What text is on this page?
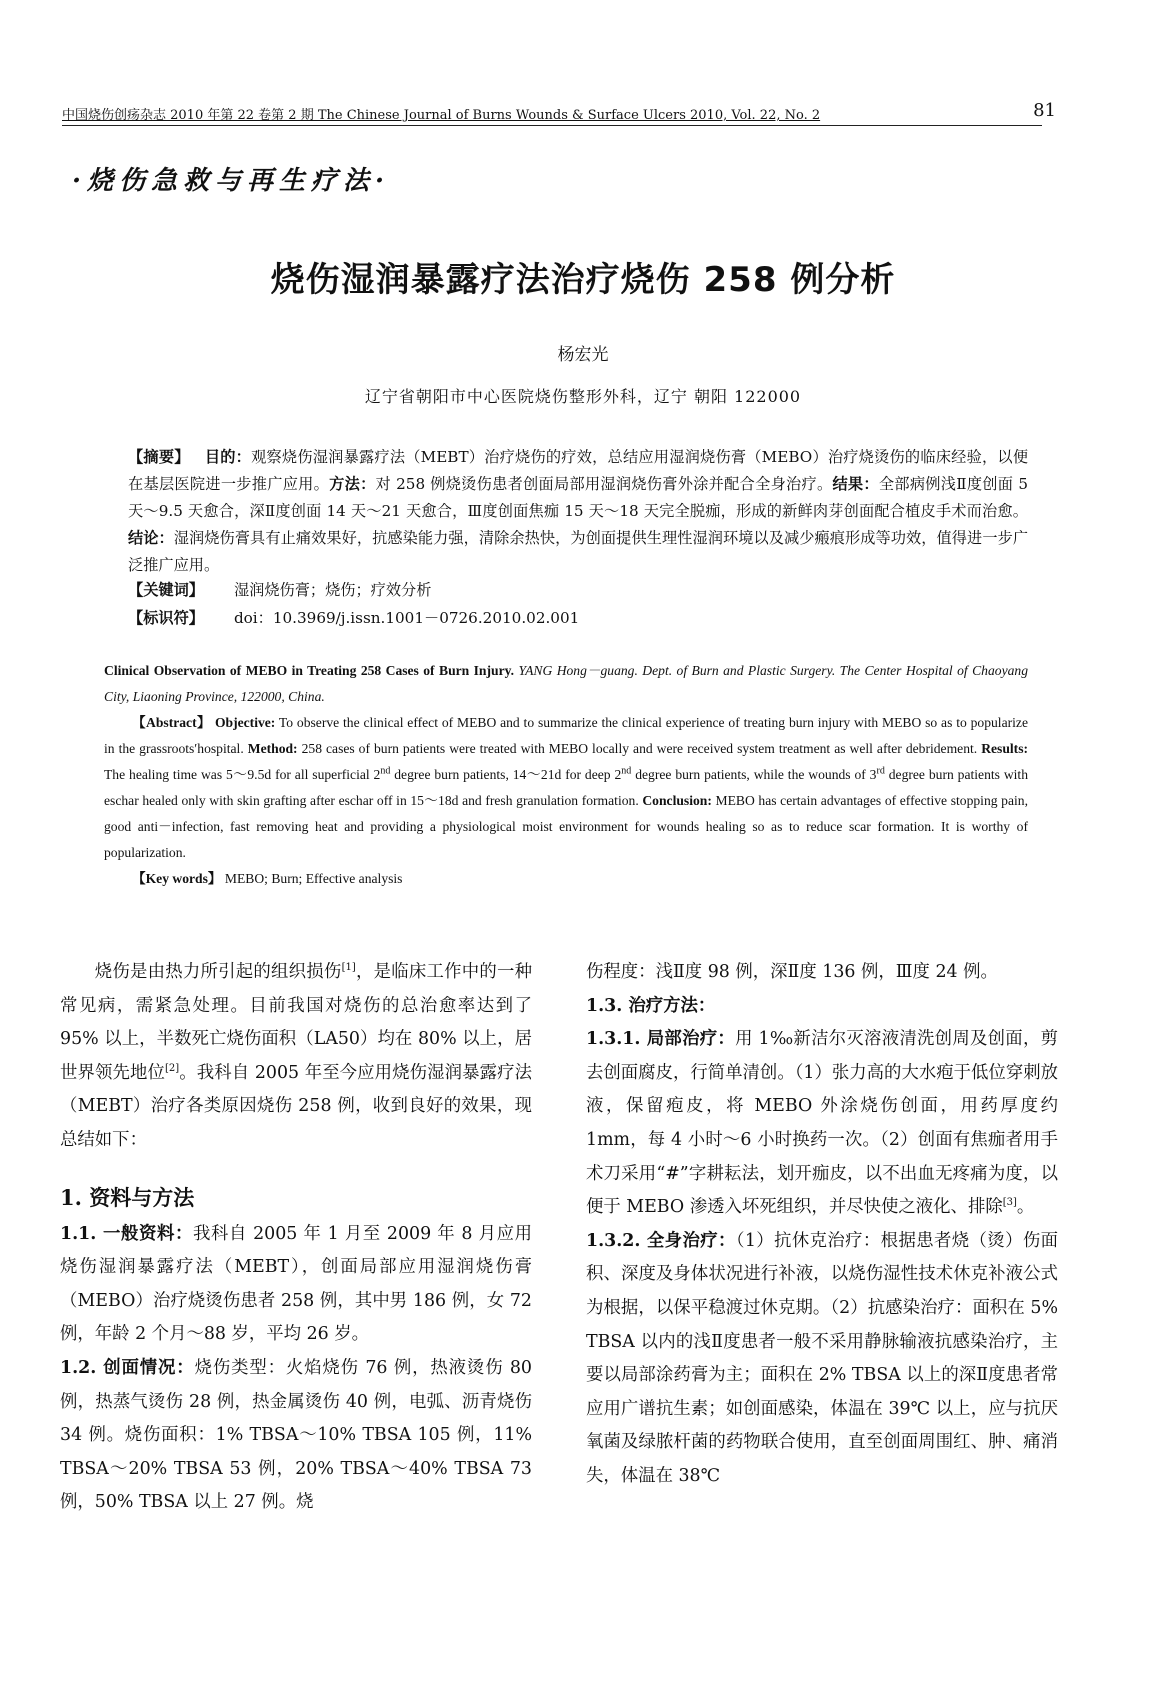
中国烧伤创疡杂志 2010 年第 22 卷第 2 期 The Chinese Journal of Burns Wounds & Surface Ulcers 2010, Vol. 22, No. 2	81
·烧伤急救与再生疗法·
烧伤湿润暴露疗法治疗烧伤 258 例分析
杨宏光
辽宁省朝阳市中心医院烧伤整形外科，辽宁 朝阳 122000
【摘要】 目的：观察烧伤湿润暴露疗法（MEBT）治疗烧伤的疗效，总结应用湿润烧伤膏（MEBO）治疗烧烫伤的临床经验，以便在基层医院进一步推广应用。方法：对 258 例烧烫伤患者创面局部用湿润烧伤膏外涂并配合全身治疗。结果：全部病例浅Ⅱ度创面 5 天～9.5 天愈合，深Ⅱ度创面 14 天～21 天愈合，Ⅲ度创面焦痂 15 天～18 天完全脱痂，形成的新鲜肉芽创面配合植皮手术而治愈。结论：湿润烧伤膏具有止痛效果好，抗感染能力强，清除余热快，为创面提供生理性湿润环境以及减少瘢痕形成等功效，值得进一步广泛推广应用。
【关键词】 湿润烧伤膏；烧伤；疗效分析
【标识符】 doi：10.3969/j.issn.1001－0726.2010.02.001

Clinical Observation of MEBO in Treating 258 Cases of Burn Injury. YANG Hong－guang. Dept. of Burn and Plastic Surgery. The Center Hospital of Chaoyang City, Liaoning Province, 122000, China.

【Abstract】 Objective: To observe the clinical effect of MEBO and to summarize the clinical experience of treating burn injury with MEBO so as to popularize in the grassroots′hospital. Method: 258 cases of burn patients were treated with MEBO locally and were received system treatment as well after debridement. Results: The healing time was 5～9.5d for all superficial 2nd degree burn patients, 14～21d for deep 2nd degree burn patients, while the wounds of 3rd degree burn patients with eschar healed only with skin grafting after eschar off in 15～18d and fresh granulation formation. Conclusion: MEBO has certain advantages of effective stopping pain, good anti－infection, fast removing heat and providing a physiological moist environment for wounds healing so as to reduce scar formation. It is worthy of popularization.

【Key words】 MEBO; Burn; Effective analysis

烧伤是由热力所引起的组织损伤[1]，是临床工作中的一种常见病，需紧急处理。目前我国对烧伤的总治愈率达到了 95% 以上，半数死亡烧伤面积（LA50）均在 80% 以上，居世界领先地位[2]。我科自 2005 年至今应用烧伤湿润暴露疗法（MEBT）治疗各类原因烧伤 258 例，收到良好的效果，现总结如下：

1. 资料与方法

1.1. 一般资料：我科自 2005 年 1 月至 2009 年 8 月应用烧伤湿润暴露疗法（MEBT），创面局部应用湿润烧伤膏（MEBO）治疗烧烫伤患者 258 例，其中男 186 例，女 72 例，年龄 2 个月～88 岁，平均 26 岁。

1.2. 创面情况：烧伤类型：火焰烧伤 76 例，热液烫伤 80 例，热蒸气烫伤 28 例，热金属烫伤 40 例，电弧、沥青烧伤 34 例。烧伤面积：1% TBSA～10% TBSA 105 例，11% TBSA～20% TBSA 53 例，20% TBSA～40% TBSA 73 例，50% TBSA 以上 27 例。烧

伤程度：浅Ⅱ度 98 例，深Ⅱ度 136 例，Ⅲ度 24 例。

1.3. 治疗方法：

1.3.1. 局部治疗：用 1‰新洁尔灭溶液清洗创周及创面，剪去创面腐皮，行简单清创。（1）张力高的大水疱于低位穿刺放液，保留疱皮，将 MEBO 外涂烧伤创面，用药厚度约 1mm，每 4 小时～6 小时换药一次。（2）创面有焦痂者用手术刀采用“#”字耕耘法，划开痂皮，以不出血无疼痛为度，以便于 MEBO 渗透入坏死组织，并尽快使之液化、排除[3]。

1.3.2. 全身治疗：（1）抗休克治疗：根据患者烧（烫）伤面积、深度及身体状况进行补液，以烧伤湿性技术休克补液公式为根据，以保平稳渡过休克期。（2）抗感染治疗：面积在 5% TBSA 以内的浅Ⅱ度患者一般不采用静脉输液抗感染治疗，主要以局部涂药膏为主；面积在 2% TBSA 以上的深Ⅱ度患者常应用广谱抗生素；如创面感染，体温在 39℃ 以上，应与抗厌氧菌及绿脓杆菌的药物联合使用，直至创面周围红、肿、痛消失，体温在 38℃
